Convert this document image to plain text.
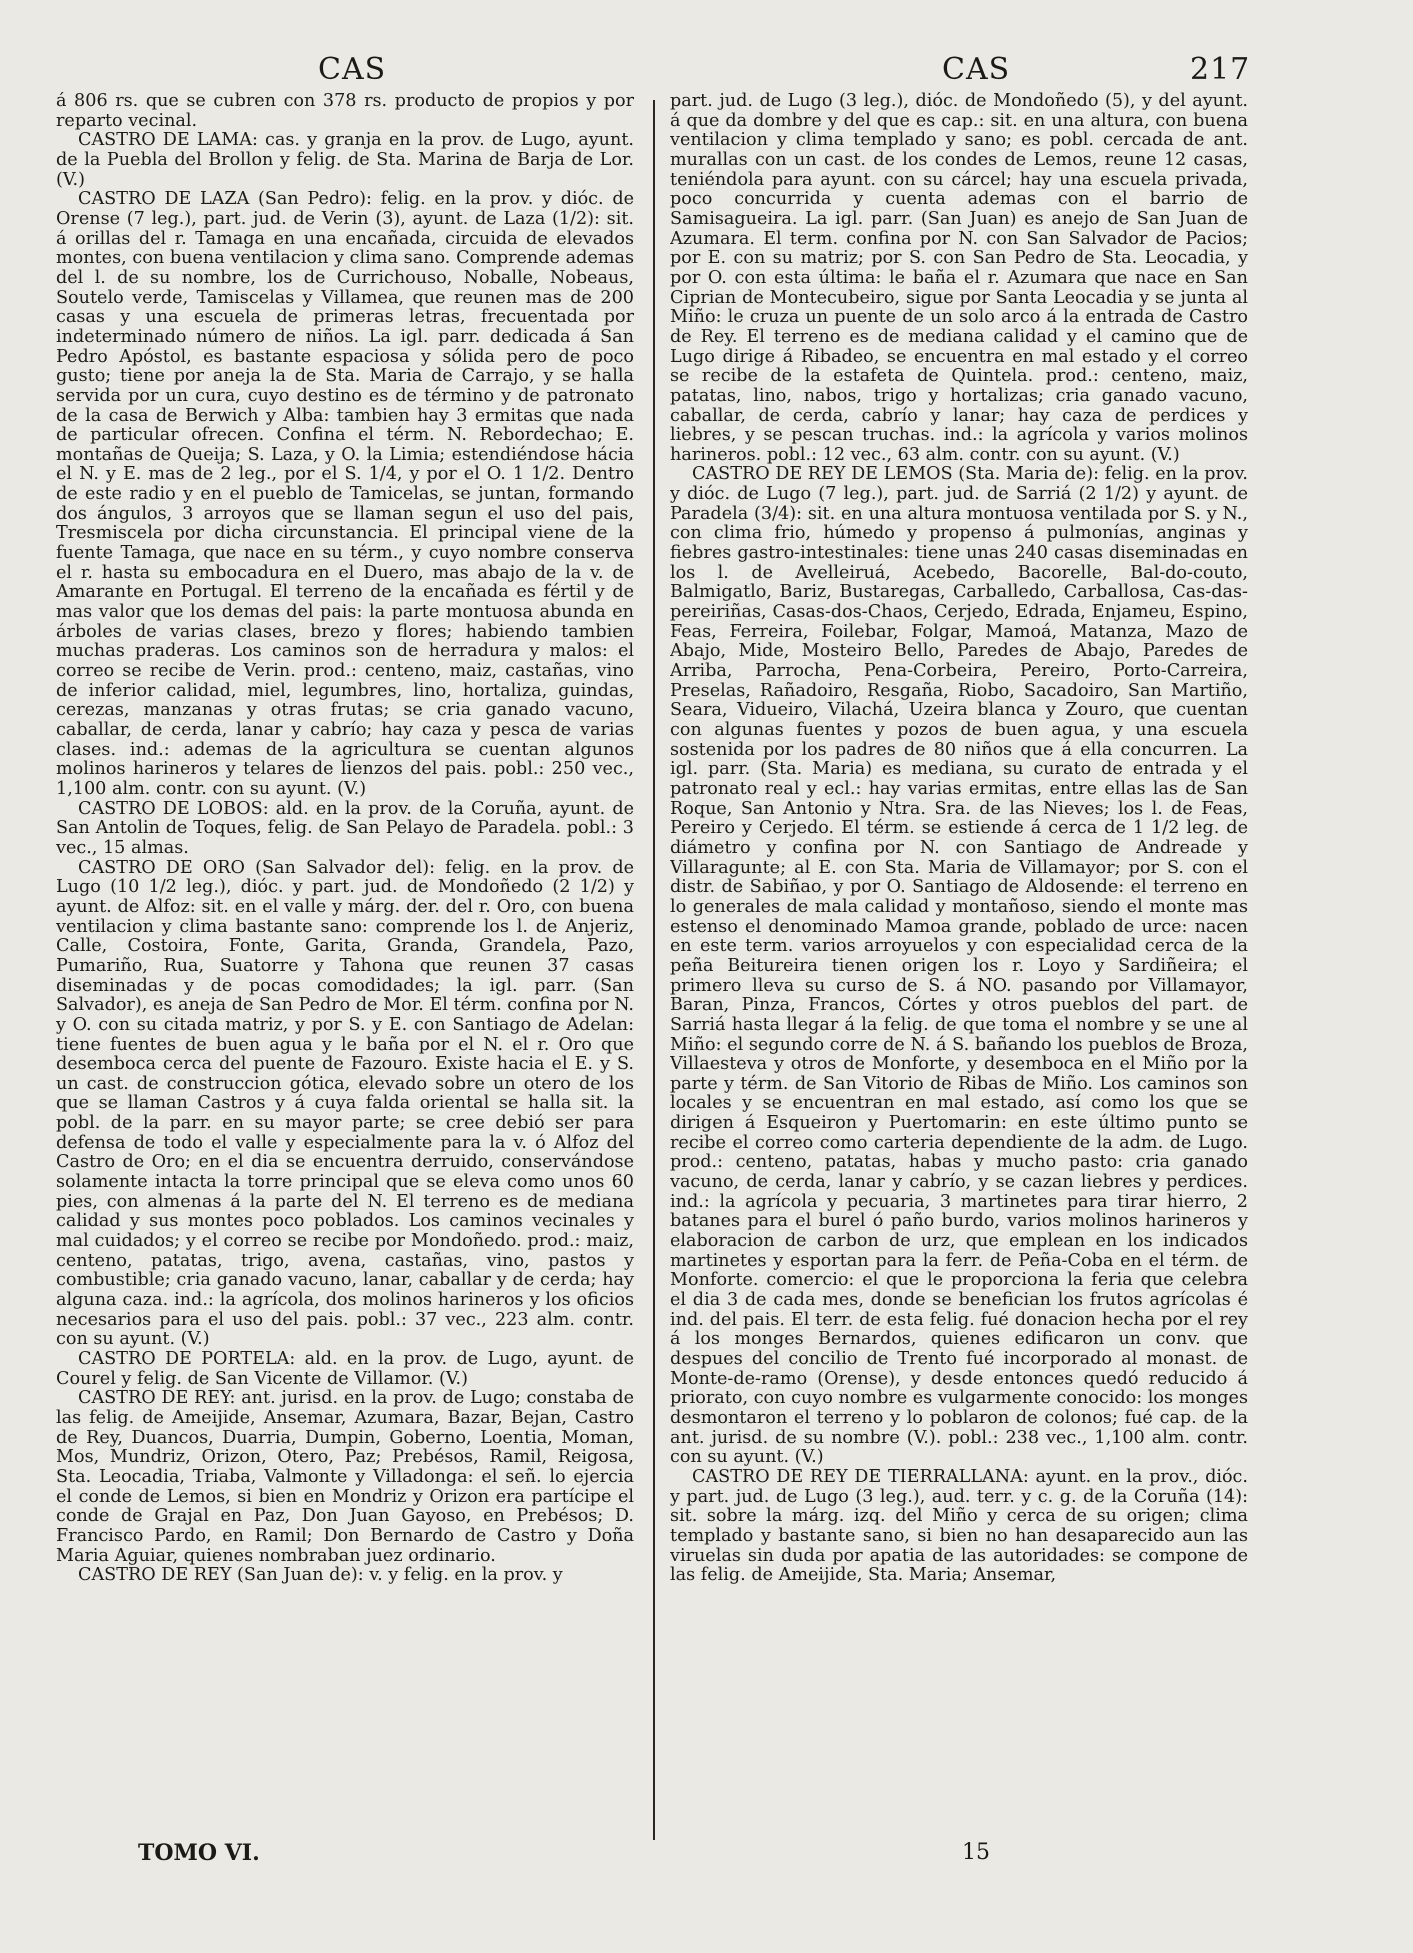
CAS	CAS	217

á 806 rs. que se cubren con 378 rs. producto de propios y por reparto vecinal.

CASTRO DE LAMA: cas. y granja en la prov. de Lugo, ayunt. de la Puebla del Brollon y felig. de Sta. Marina de Barja de Lor. (V.)

CASTRO DE LAZA (San Pedro): felig. en la prov. y dióc. de Orense (7 leg.), part. jud. de Verin (3), ayunt. de Laza (1/2): sit. á orillas del r. Tamaga en una encañada, circuida de elevados montes, con buena ventilacion y clima sano. Comprende ademas del l. de su nombre, los de Currichouso, Noballe, Nobeaus, Soutelo verde, Tamiscelas y Villamea, que reunen mas de 200 casas y una escuela de primeras letras, frecuentada por indeterminado número de niños. La igl. parr. dedicada á San Pedro Apóstol, es bastante espaciosa y sólida pero de poco gusto; tiene por aneja la de Sta. Maria de Carrajo, y se halla servida por un cura, cuyo destino es de término y de patronato de la casa de Berwich y Alba: tambien hay 3 ermitas que nada de particular ofrecen. Confina el térm. N. Rebordechao; E. montañas de Queija; S. Laza, y O. la Limia; estendiéndose hácia el N. y E. mas de 2 leg., por el S. 1/4, y por el O. 1 1/2. Dentro de este radio y en el pueblo de Tamicelas, se juntan, formando dos ángulos, 3 arroyos que se llaman segun el uso del pais, Tresmiscela por dicha circunstancia. El principal viene de la fuente Tamaga, que nace en su térm., y cuyo nombre conserva el r. hasta su embocadura en el Duero, mas abajo de la v. de Amarante en Portugal. El terreno de la encañada es fértil y de mas valor que los demas del pais: la parte montuosa abunda en árboles de varias clases, brezo y flores; habiendo tambien muchas praderas. Los caminos son de herradura y malos: el correo se recibe de Verin. prod.: centeno, maiz, castañas, vino de inferior calidad, miel, legumbres, lino, hortaliza, guindas, cerezas, manzanas y otras frutas; se cria ganado vacuno, caballar, de cerda, lanar y cabrío; hay caza y pesca de varias clases. ind.: ademas de la agricultura se cuentan algunos molinos harineros y telares de lienzos del pais. pobl.: 250 vec., 1,100 alm. contr. con su ayunt. (V.)

CASTRO DE LOBOS: ald. en la prov. de la Coruña, ayunt. de San Antolin de Toques, felig. de San Pelayo de Paradela. pobl.: 3 vec., 15 almas.

CASTRO DE ORO (San Salvador del): felig. en la prov. de Lugo (10 1/2 leg.), dióc. y part. jud. de Mondoñedo (2 1/2) y ayunt. de Alfoz: sit. en el valle y márg. der. del r. Oro, con buena ventilacion y clima bastante sano: comprende los l. de Anjeriz, Calle, Costoira, Fonte, Garita, Granda, Grandela, Pazo, Pumariño, Rua, Suatorre y Tahona que reunen 37 casas diseminadas y de pocas comodidades; la igl. parr. (San Salvador), es aneja de San Pedro de Mor. El térm. confina por N. y O. con su citada matriz, y por S. y E. con Santiago de Adelan: tiene fuentes de buen agua y le baña por el N. el r. Oro que desemboca cerca del puente de Fazouro. Existe hacia el E. y S. un cast. de construccion gótica, elevado sobre un otero de los que se llaman Castros y á cuya falda oriental se halla sit. la pobl. de la parr. en su mayor parte; se cree debió ser para defensa de todo el valle y especialmente para la v. ó Alfoz del Castro de Oro; en el dia se encuentra derruido, conservándose solamente intacta la torre principal que se eleva como unos 60 pies, con almenas á la parte del N. El terreno es de mediana calidad y sus montes poco poblados. Los caminos vecinales y mal cuidados; y el correo se recibe por Mondoñedo. prod.: maiz, centeno, patatas, trigo, avena, castañas, vino, pastos y combustible; cria ganado vacuno, lanar, caballar y de cerda; hay alguna caza. ind.: la agrícola, dos molinos harineros y los oficios necesarios para el uso del pais. pobl.: 37 vec., 223 alm. contr. con su ayunt. (V.)

CASTRO DE PORTELA: ald. en la prov. de Lugo, ayunt. de Courel y felig. de San Vicente de Villamor. (V.)

CASTRO DE REY: ant. jurisd. en la prov. de Lugo; constaba de las felig. de Ameijide, Ansemar, Azumara, Bazar, Bejan, Castro de Rey, Duancos, Duarria, Dumpin, Goberno, Loentia, Moman, Mos, Mundriz, Orizon, Otero, Paz; Prebésos, Ramil, Reigosa, Sta. Leocadia, Triaba, Valmonte y Villadonga: el señ. lo ejercia el conde de Lemos, si bien en Mondriz y Orizon era partícipe el conde de Grajal en Paz, Don Juan Gayoso, en Prebésos; D. Francisco Pardo, en Ramil; Don Bernardo de Castro y Doña Maria Aguiar, quienes nombraban juez ordinario.

CASTRO DE REY (San Juan de): v. y felig. en la prov. y

part. jud. de Lugo (3 leg.), dióc. de Mondoñedo (5), y del ayunt. á que da dombre y del que es cap.: sit. en una altura, con buena ventilacion y clima templado y sano; es pobl. cercada de ant. murallas con un cast. de los condes de Lemos, reune 12 casas, teniéndola para ayunt. con su cárcel; hay una escuela privada, poco concurrida y cuenta ademas con el barrio de Samisagueira. La igl. parr. (San Juan) es anejo de San Juan de Azumara. El term. confina por N. con San Salvador de Pacios; por E. con su matriz; por S. con San Pedro de Sta. Leocadia, y por O. con esta última: le baña el r. Azumara que nace en San Ciprian de Montecubeiro, sigue por Santa Leocadia y se junta al Miño: le cruza un puente de un solo arco á la entrada de Castro de Rey. El terreno es de mediana calidad y el camino que de Lugo dirige á Ribadeo, se encuentra en mal estado y el correo se recibe de la estafeta de Quintela. prod.: centeno, maiz, patatas, lino, nabos, trigo y hortalizas; cria ganado vacuno, caballar, de cerda, cabrío y lanar; hay caza de perdices y liebres, y se pescan truchas. ind.: la agrícola y varios molinos harineros. pobl.: 12 vec., 63 alm. contr. con su ayunt. (V.)

CASTRO DE REY DE LEMOS (Sta. Maria de): felig. en la prov. y dióc. de Lugo (7 leg.), part. jud. de Sarriá (2 1/2) y ayunt. de Paradela (3/4): sit. en una altura montuosa ventilada por S. y N., con clima frio, húmedo y propenso á pulmonías, anginas y fiebres gastro-intestinales: tiene unas 240 casas diseminadas en los l. de Avelleiruá, Acebedo, Bacorelle, Bal-do-couto, Balmigatlo, Bariz, Bustaregas, Carballedo, Carballosa, Cas-das-pereiriñas, Casas-dos-Chaos, Cerjedo, Edrada, Enjameu, Espino, Feas, Ferreira, Foilebar, Folgar, Mamoá, Matanza, Mazo de Abajo, Mide, Mosteiro Bello, Paredes de Abajo, Paredes de Arriba, Parrocha, Pena-Corbeira, Pereiro, Porto-Carreira, Preselas, Rañadoiro, Resgaña, Riobo, Sacadoiro, San Martiño, Seara, Vidueiro, Vilachá, Uzeira blanca y Zouro, que cuentan con algunas fuentes y pozos de buen agua, y una escuela sostenida por los padres de 80 niños que á ella concurren. La igl. parr. (Sta. Maria) es mediana, su curato de entrada y el patronato real y ecl.: hay varias ermitas, entre ellas las de San Roque, San Antonio y Ntra. Sra. de las Nieves; los l. de Feas, Pereiro y Cerjedo. El térm. se estiende á cerca de 1 1/2 leg. de diámetro y confina por N. con Santiago de Andreade y Villaragunte; al E. con Sta. Maria de Villamayor; por S. con el distr. de Sabiñao, y por O. Santiago de Aldosende: el terreno en lo generales de mala calidad y montañoso, siendo el monte mas estenso el denominado Mamoa grande, poblado de urce: nacen en este term. varios arroyuelos y con especialidad cerca de la peña Beitureira tienen origen los r. Loyo y Sardiñeira; el primero lleva su curso de S. á NO. pasando por Villamayor, Baran, Pinza, Francos, Córtes y otros pueblos del part. de Sarriá hasta llegar á la felig. de que toma el nombre y se une al Miño: el segundo corre de N. á S. bañando los pueblos de Broza, Villaesteva y otros de Monforte, y desemboca en el Miño por la parte y térm. de San Vitorio de Ribas de Miño. Los caminos son locales y se encuentran en mal estado, así como los que se dirigen á Esqueiron y Puertomarin: en este último punto se recibe el correo como carteria dependiente de la adm. de Lugo. prod.: centeno, patatas, habas y mucho pasto: cria ganado vacuno, de cerda, lanar y cabrío, y se cazan liebres y perdices. ind.: la agrícola y pecuaria, 3 martinetes para tirar hierro, 2 batanes para el burel ó paño burdo, varios molinos harineros y elaboracion de carbon de urz, que emplean en los indicados martinetes y esportan para la ferr. de Peña-Coba en el térm. de Monforte. comercio: el que le proporciona la feria que celebra el dia 3 de cada mes, donde se benefician los frutos agrícolas é ind. del pais. El terr. de esta felig. fué donacion hecha por el rey á los monges Bernardos, quienes edificaron un conv. que despues del concilio de Trento fué incorporado al monast. de Monte-de-ramo (Orense), y desde entonces quedó reducido á priorato, con cuyo nombre es vulgarmente conocido: los monges desmontaron el terreno y lo poblaron de colonos; fué cap. de la ant. jurisd. de su nombre (V.). pobl.: 238 vec., 1,100 alm. contr. con su ayunt. (V.)

CASTRO DE REY DE TIERRALLANA: ayunt. en la prov., dióc. y part. jud. de Lugo (3 leg.), aud. terr. y c. g. de la Coruña (14): sit. sobre la márg. izq. del Miño y cerca de su origen; clima templado y bastante sano, si bien no han desaparecido aun las viruelas sin duda por apatia de las autoridades: se compone de las felig. de Ameijide, Sta. Maria; Ansemar,

TOMO VI.	15
